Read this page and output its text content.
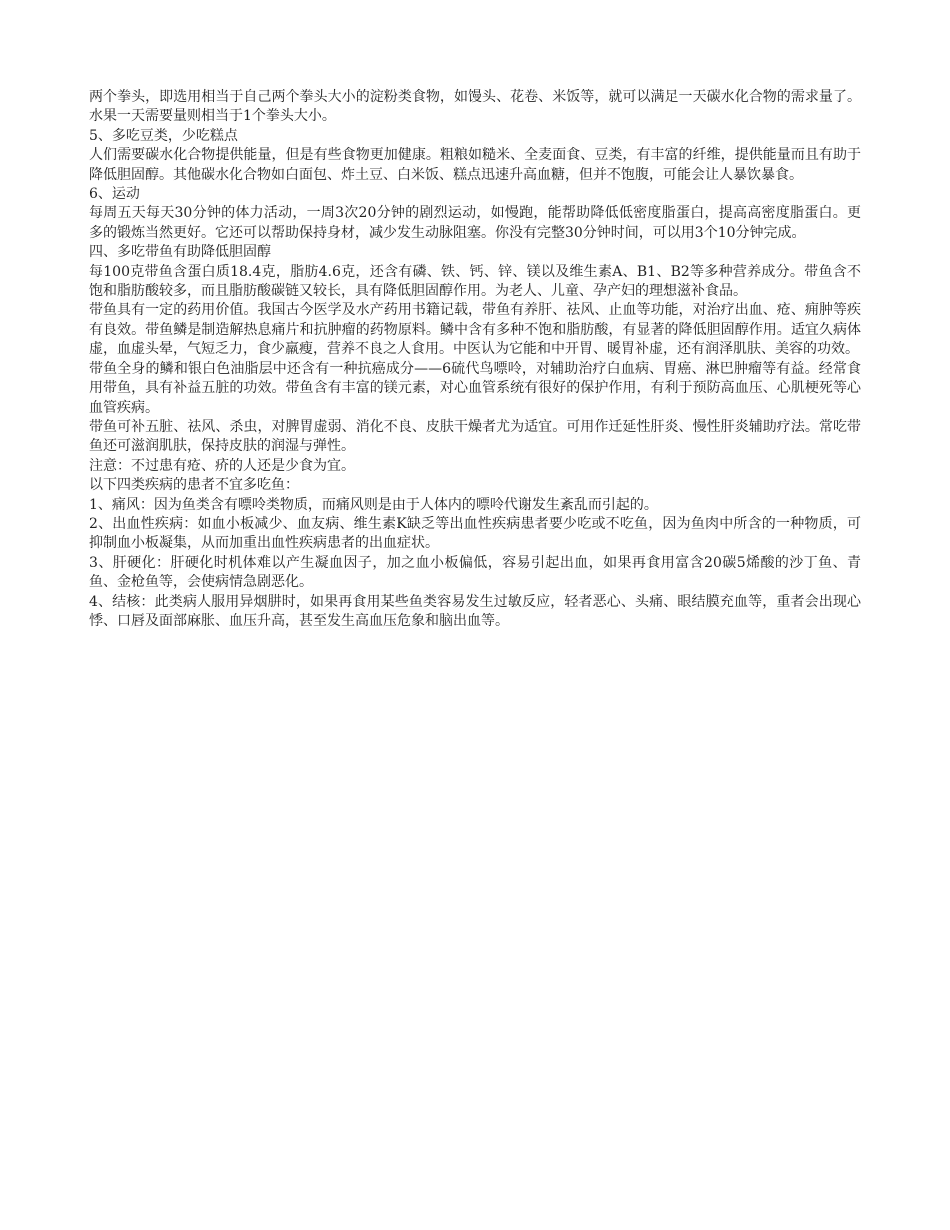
两个拳头，即选用相当于自己两个拳头大小的淀粉类食物，如馒头、花卷、米饭等，就可以满足一天碳水化合物的需求量了。水果一天需要量则相当于1个拳头大小。

5、多吃豆类，少吃糕点

人们需要碳水化合物提供能量，但是有些食物更加健康。粗粮如糙米、全麦面食、豆类，有丰富的纤维，提供能量而且有助于降低胆固醇。其他碳水化合物如白面包、炸土豆、白米饭、糕点迅速升高血糖，但并不饱腹，可能会让人暴饮暴食。

6、运动

每周五天每天30分钟的体力活动，一周3次20分钟的剧烈运动，如慢跑，能帮助降低低密度脂蛋白，提高高密度脂蛋白。更多的锻炼当然更好。它还可以帮助保持身材，减少发生动脉阻塞。你没有完整30分钟时间，可以用3个10分钟完成。

四、多吃带鱼有助降低胆固醇

每100克带鱼含蛋白质18.4克，脂肪4.6克，还含有磷、铁、钙、锌、镁以及维生素A、B1、B2等多种营养成分。带鱼含不饱和脂肪酸较多，而且脂肪酸碳链又较长，具有降低胆固醇作用。为老人、儿童、孕产妇的理想滋补食品。

带鱼具有一定的药用价值。我国古今医学及水产药用书籍记载，带鱼有养肝、祛风、止血等功能，对治疗出血、疮、痈肿等疾有良效。带鱼鳞是制造解热息痛片和抗肿瘤的药物原料。鳞中含有多种不饱和脂肪酸，有显著的降低胆固醇作用。适宜久病体虚，血虚头晕，气短乏力，食少羸瘦，营养不良之人食用。中医认为它能和中开胃、暖胃补虚，还有润泽肌肤、美容的功效。

带鱼全身的鳞和银白色油脂层中还含有一种抗癌成分——6硫代鸟嘌呤，对辅助治疗白血病、胃癌、淋巴肿瘤等有益。经常食用带鱼，具有补益五脏的功效。带鱼含有丰富的镁元素，对心血管系统有很好的保护作用，有利于预防高血压、心肌梗死等心血管疾病。

带鱼可补五脏、祛风、杀虫，对脾胃虚弱、消化不良、皮肤干燥者尤为适宜。可用作迁延性肝炎、慢性肝炎辅助疗法。常吃带鱼还可滋润肌肤，保持皮肤的润湿与弹性。

注意：不过患有疮、疥的人还是少食为宜。

以下四类疾病的患者不宜多吃鱼：

1、痛风：因为鱼类含有嘌呤类物质，而痛风则是由于人体内的嘌呤代谢发生紊乱而引起的。

2、出血性疾病：如血小板减少、血友病、维生素K缺乏等出血性疾病患者要少吃或不吃鱼，因为鱼肉中所含的一种物质，可抑制血小板凝集，从而加重出血性疾病患者的出血症状。

3、肝硬化：肝硬化时机体难以产生凝血因子，加之血小板偏低，容易引起出血，如果再食用富含20碳5烯酸的沙丁鱼、青鱼、金枪鱼等，会使病情急剧恶化。

4、结核：此类病人服用异烟肼时，如果再食用某些鱼类容易发生过敏反应，轻者恶心、头痛、眼结膜充血等，重者会出现心悸、口唇及面部麻胀、血压升高，甚至发生高血压危象和脑出血等。
